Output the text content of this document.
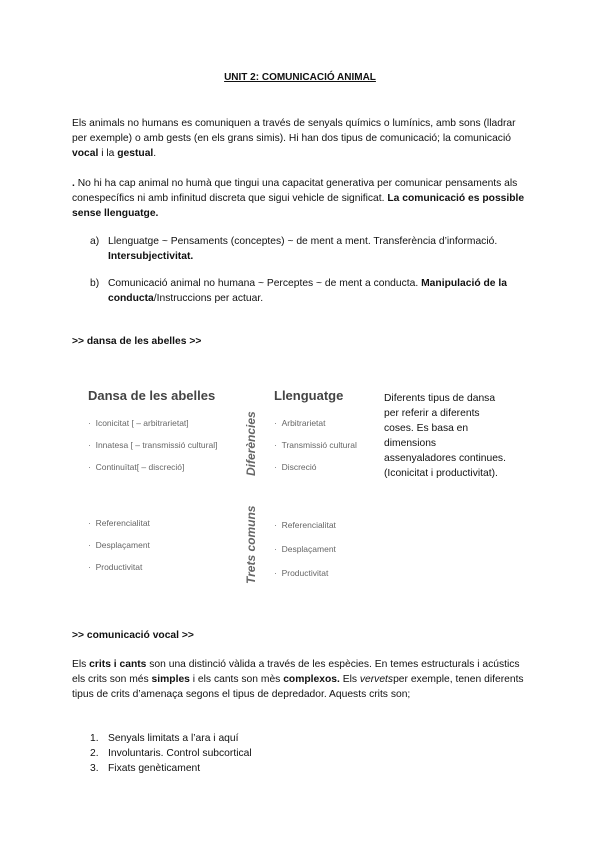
UNIT 2: COMUNICACIÓ ANIMAL

Els animals no humans es comuniquen a través de senyals químics o lumínics, amb sons (lladrar per exemple) o amb gests (en els grans simis). Hi han dos tipus de comunicació; la comunicació vocal i la gestual.

. No hi ha cap animal no humà que tingui una capacitat generativa per comunicar pensaments als conespecífics ni amb infinitud discreta que sigui vehicle de significat. La comunicació es possible sense llenguatge.

a) Llenguatge ~ Pensaments (conceptes) ~ de ment a ment. Transferència d’informació. Intersubjectivitat.
b) Comunicació animal no humana ~ Perceptes ~ de ment a conducta. Manipulació de la conducta/Instruccions per actuar.
>> dansa de les abelles >>
Dansa de les abelles	Llenguatge
Diferències
Trets comuns
· Iconicitat [ – arbitrarietat]
· Innatesa [ – transmissió cultural]
· Continuïtat[ – discreció]
· Arbitrarietat
· Transmissió cultural
· Discreció
· Referencialitat
· Desplaçament
· Productivitat
· Referencialitat
· Desplaçament
· Productivitat
Diferents tipus de dansa per referir a diferents coses. Es basa en dimensions assenyaladores continues. (Iconicitat i productivitat).
>> comunicació vocal >>

Els crits i cants son una distinció vàlida a través de les espècies. En temes estructurals i acústics els crits son més simples i els cants son mès complexos. Els vervetsper exemple, tenen diferents tipus de crits d’amenaça segons el tipus de depredador. Aquests crits son;

1. Senyals limitats a l’ara i aquí
2. Involuntaris. Control subcortical
3. Fixats genèticament
